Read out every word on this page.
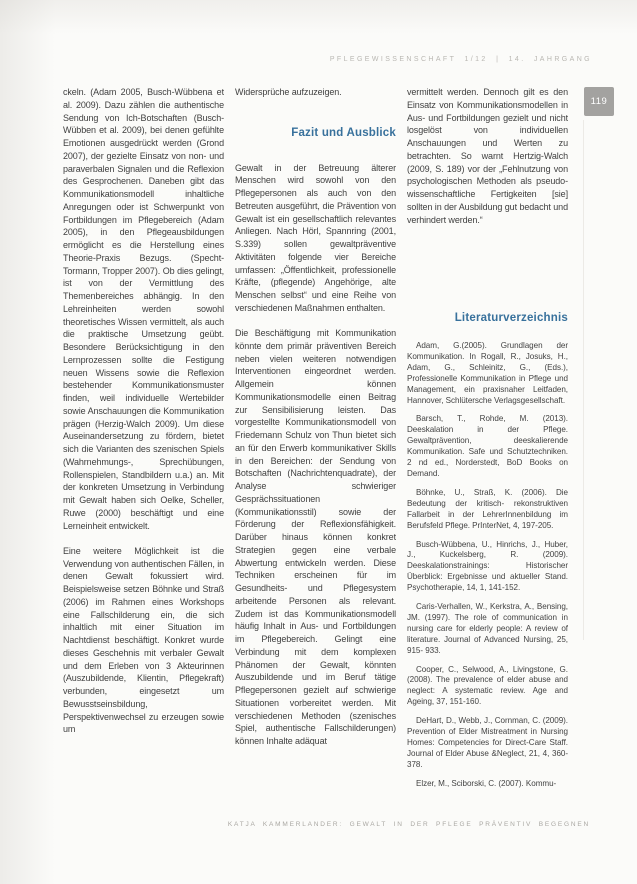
PFLEGEWISSENSCHAFT 1/12 | 14. JAHRGANG
119

ckeln. (Adam 2005, Busch-Wübbena et al. 2009). Dazu zählen die authentische Sendung von Ich-Botschaften (Busch-Wübben et al. 2009), bei denen gefühlte Emotionen ausgedrückt werden (Grond 2007), der gezielte Einsatz von non- und paraverbalen Signalen und die Reflexion des Gesprochenen. Daneben gibt das Kommunikationsmodell inhaltliche Anregungen oder ist Schwerpunkt von Fortbildungen im Pflegebereich (Adam 2005), in den Pflegeausbildungen ermöglicht es die Herstellung eines Theorie-Praxis Bezugs. (Specht-Tormann, Tropper 2007). Ob dies gelingt, ist von der Vermittlung des Themenbereiches abhängig. In den Lehreinheiten werden sowohl theoretisches Wissen vermittelt, als auch die praktische Umsetzung geübt. Besondere Berücksichtigung in den Lernprozessen sollte die Festigung neuen Wissens sowie die Reflexion bestehender Kommunikationsmuster finden, weil individuelle Wertebilder sowie Anschauungen die Kommunikation prägen (Herzig-Walch 2009). Um diese Auseinandersetzung zu fördern, bietet sich die Varianten des szenischen Spiels (Wahrnehmungs-, Sprechübungen, Rollenspielen, Standbildern u.a.) an. Mit der konkreten Umsetzung in Verbindung mit Gewalt haben sich Oelke, Scheller, Ruwe (2000) beschäftigt und eine Lerneinheit entwickelt.

Eine weitere Möglichkeit ist die Verwendung von authentischen Fällen, in denen Gewalt fokussiert wird. Beispielsweise setzen Böhnke und Straß (2006) im Rahmen eines Workshops eine Fallschilderung ein, die sich inhaltlich mit einer Situation im Nachtdienst beschäftigt. Konkret wurde dieses Geschehnis mit verbaler Gewalt und dem Erleben von 3 Akteurinnen (Auszubildende, Klientin, Pflegekraft) verbunden, eingesetzt um Bewusstseinsbildung, Perspektivenwechsel zu erzeugen sowie um

Widersprüche aufzuzeigen.

Fazit und Ausblick

Gewalt in der Betreuung älterer Menschen wird sowohl von den Pflegepersonen als auch von den Betreuten ausgeführt, die Prävention von Gewalt ist ein gesellschaftlich relevantes Anliegen. Nach Hörl, Spannring (2001, S.339) sollen gewaltpräventive Aktivitäten folgende vier Bereiche umfassen: „Öffentlichkeit, professionelle Kräfte, (pflegende) Angehörige, alte Menschen selbst“ und eine Reihe von verschiedenen Maßnahmen enthalten.

Die Beschäftigung mit Kommunikation könnte dem primär präventiven Bereich neben vielen weiteren notwendigen Interventionen eingeordnet werden. Allgemein können Kommunikationsmodelle einen Beitrag zur Sensibilisierung leisten. Das vorgestellte Kommunikationsmodell von Friedemann Schulz von Thun bietet sich an für den Erwerb kommunikativer Skills in den Bereichen: der Sendung von Botschaften (Nachrichtenquadrate), der Analyse schwieriger Gesprächssituationen (Kommunikationsstil) sowie der Förderung der Reflexionsfähigkeit. Darüber hinaus können konkret Strategien gegen eine verbale Abwertung entwickeln werden. Diese Techniken erscheinen für im Gesundheits- und Pflegesystem arbeitende Personen als relevant. Zudem ist das Kommunikationsmodell häufig Inhalt in Aus- und Fortbildungen im Pflegebereich. Gelingt eine Verbindung mit dem komplexen Phänomen der Gewalt, könnten Auszubildende und im Beruf tätige Pflegepersonen gezielt auf schwierige Situationen vorbereitet werden. Mit verschiedenen Methoden (szenisches Spiel, authentische Fallschilderungen) können Inhalte adäquat

vermittelt werden. Dennoch gilt es den Einsatz von Kommunikationsmodellen in Aus- und Fortbildungen gezielt und nicht losgelöst von individuellen Anschauungen und Werten zu betrachten. So warnt Hertzig-Walch (2009, S. 189) vor der „Fehlnutzung von psychologischen Methoden als pseudo-wissenschaftliche Fertigkeiten [sie] sollten in der Ausbildung gut bedacht und verhindert werden.“

Literaturverzeichnis

Adam, G.(2005). Grundlagen der Kommunikation. In Rogall, R., Josuks, H., Adam, G., Schleinitz, G., (Eds.), Professionelle Kommunikation in Pflege und Management, ein praxisnaher Leitfaden, Hannover, Schlütersche Verlagsgesellschaft.

Barsch, T., Rohde, M. (2013). Deeskalation in der Pflege. Gewaltprävention, deeskalierende Kommunikation. Safe und Schutztechniken. 2 nd ed., Norderstedt, BoD Books on Demand.

Böhnke, U., Straß, K. (2006). Die Bedeutung der kritisch- rekonstruktiven Fallarbeit in der LehrerInnenbildung im Berufsfeld Pflege. PrInterNet, 4, 197-205.

Busch-Wübbena, U., Hinrichs, J., Huber, J., Kuckelsberg, R. (2009). Deeskalationstrainings: Historischer Überblick: Ergebnisse und aktueller Stand. Psychotherapie, 14, 1, 141-152.

Caris-Verhallen, W., Kerkstra, A., Bensing, JM. (1997). The role of communication in nursing care for elderly people: A review of literature. Journal of Advanced Nursing, 25, 915- 933.

Cooper, C., Selwood, A., Livingstone, G. (2008). The prevalence of elder abuse and neglect: A systematic review. Age and Ageing, 37, 151-160.

DeHart, D., Webb, J., Cornman, C. (2009). Prevention of Elder Mistreatment in Nursing Homes: Competencies for Direct-Care Staff. Journal of Elder Abuse &Neglect, 21, 4, 360-378.

Elzer, M., Sciborski, C. (2007). Kommu-

KATJA KAMMERLANDER: GEWALT IN DER PFLEGE PRÄVENTIV BEGEGNEN
